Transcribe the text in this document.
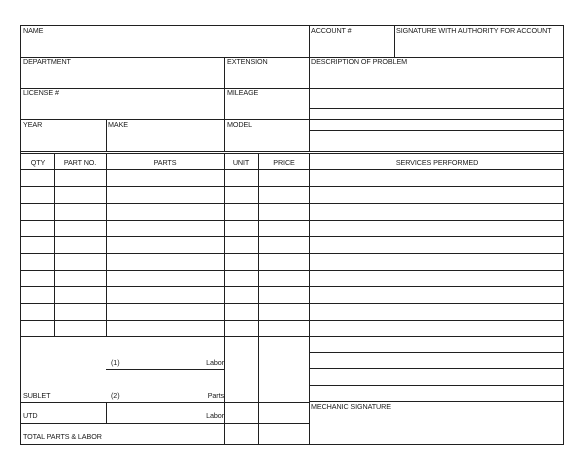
NAME	ACCOUNT #	SIGNATURE WITH AUTHORITY FOR ACCOUNT
DEPARTMENT	EXTENSION	DESCRIPTION OF PROBLEM
LICENSE #	MILEAGE
YEAR	MAKE	MODEL
QTY	PART NO.	PARTS	UNIT	PRICE	SERVICES PERFORMED
(1)	Labor
SUBLET	(2)	Parts
UTD	Labor
TOTAL PARTS & LABOR
MECHANIC SIGNATURE
